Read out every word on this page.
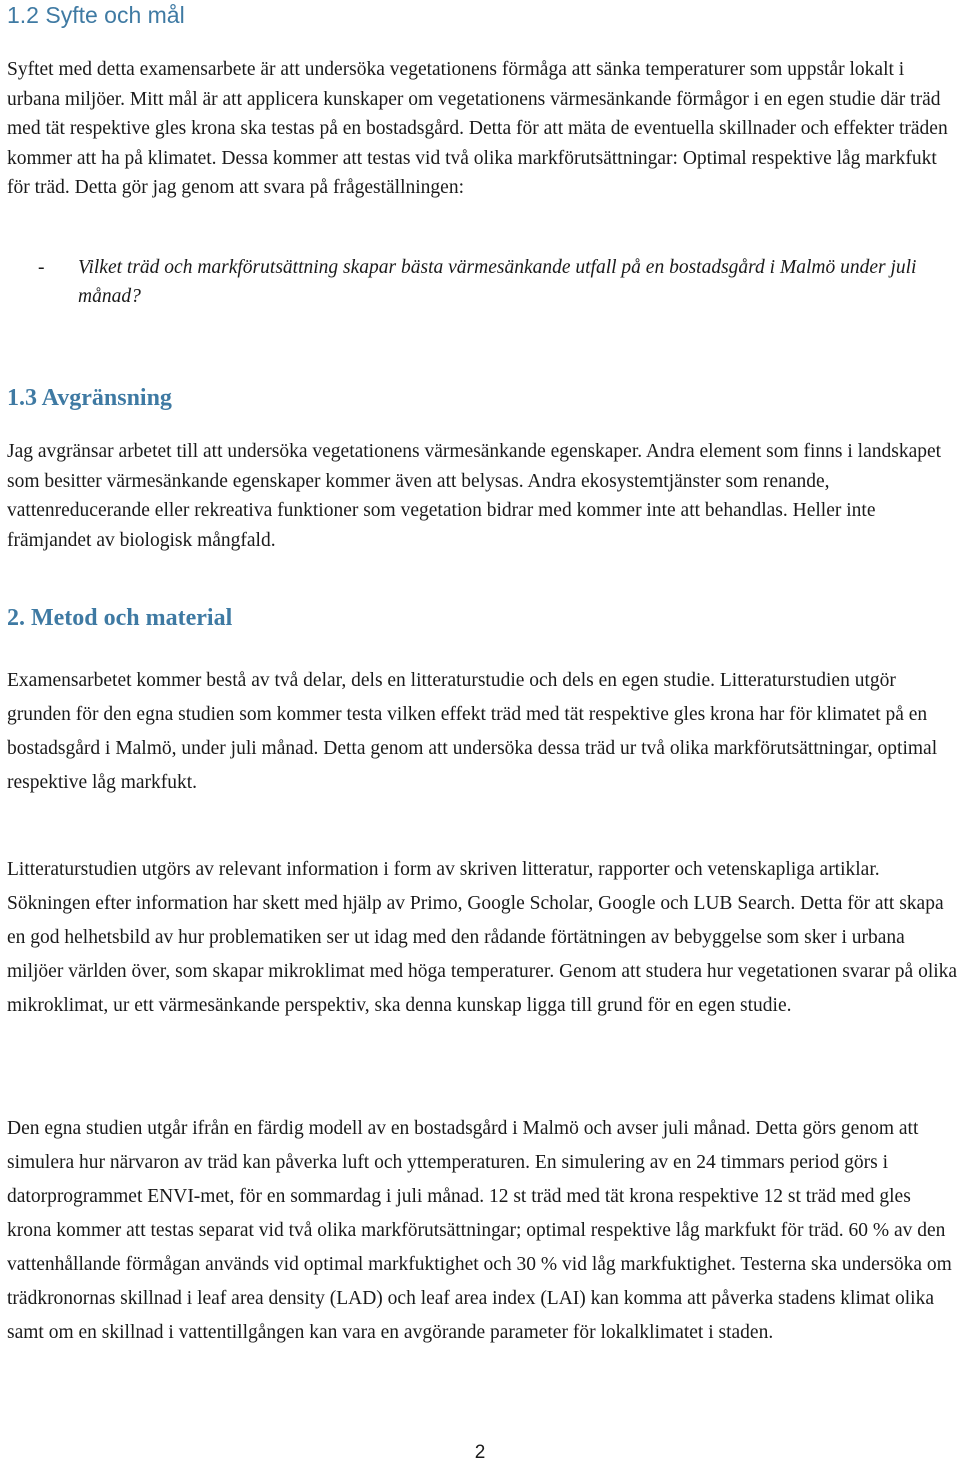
1.2 Syfte och mål

Syftet med detta examensarbete är att undersöka vegetationens förmåga att sänka temperaturer som uppstår lokalt i urbana miljöer. Mitt mål är att applicera kunskaper om vegetationens värmesänkande förmågor i en egen studie där träd med tät respektive gles krona ska testas på en bostadsgård. Detta för att mäta de eventuella skillnader och effekter träden kommer att ha på klimatet. Dessa kommer att testas vid två olika markförutsättningar: Optimal respektive låg markfukt för träd. Detta gör jag genom att svara på frågeställningen:

- Vilket träd och markförutsättning skapar bästa värmesänkande utfall på en bostadsgård i Malmö under juli månad?
1.3 Avgränsning

Jag avgränsar arbetet till att undersöka vegetationens värmesänkande egenskaper. Andra element som finns i landskapet som besitter värmesänkande egenskaper kommer även att belysas. Andra ekosystemtjänster som renande, vattenreducerande eller rekreativa funktioner som vegetation bidrar med kommer inte att behandlas. Heller inte främjandet av biologisk mångfald.

2. Metod och material

Examensarbetet kommer bestå av två delar, dels en litteraturstudie och dels en egen studie. Litteraturstudien utgör grunden för den egna studien som kommer testa vilken effekt träd med tät respektive gles krona har för klimatet på en bostadsgård i Malmö, under juli månad. Detta genom att undersöka dessa träd ur två olika markförutsättningar, optimal respektive låg markfukt.

Litteraturstudien utgörs av relevant information i form av skriven litteratur, rapporter och vetenskapliga artiklar. Sökningen efter information har skett med hjälp av Primo, Google Scholar, Google och LUB Search. Detta för att skapa en god helhetsbild av hur problematiken ser ut idag med den rådande förtätningen av bebyggelse som sker i urbana miljöer världen över, som skapar mikroklimat med höga temperaturer. Genom att studera hur vegetationen svarar på olika mikroklimat, ur ett värmesänkande perspektiv, ska denna kunskap ligga till grund för en egen studie.

Den egna studien utgår ifrån en färdig modell av en bostadsgård i Malmö och avser juli månad. Detta görs genom att simulera hur närvaron av träd kan påverka luft och yttemperaturen. En simulering av en 24 timmars period görs i datorprogrammet ENVI-met, för en sommardag i juli månad. 12 st träd med tät krona respektive 12 st träd med gles krona kommer att testas separat vid två olika markförutsättningar; optimal respektive låg markfukt för träd. 60 % av den vattenhållande förmågan används vid optimal markfuktighet och 30 % vid låg markfuktighet. Testerna ska undersöka om trädkronornas skillnad i leaf area density (LAD) och leaf area index (LAI) kan komma att påverka stadens klimat olika samt om en skillnad i vattentillgången kan vara en avgörande parameter för lokalklimatet i staden.

2
